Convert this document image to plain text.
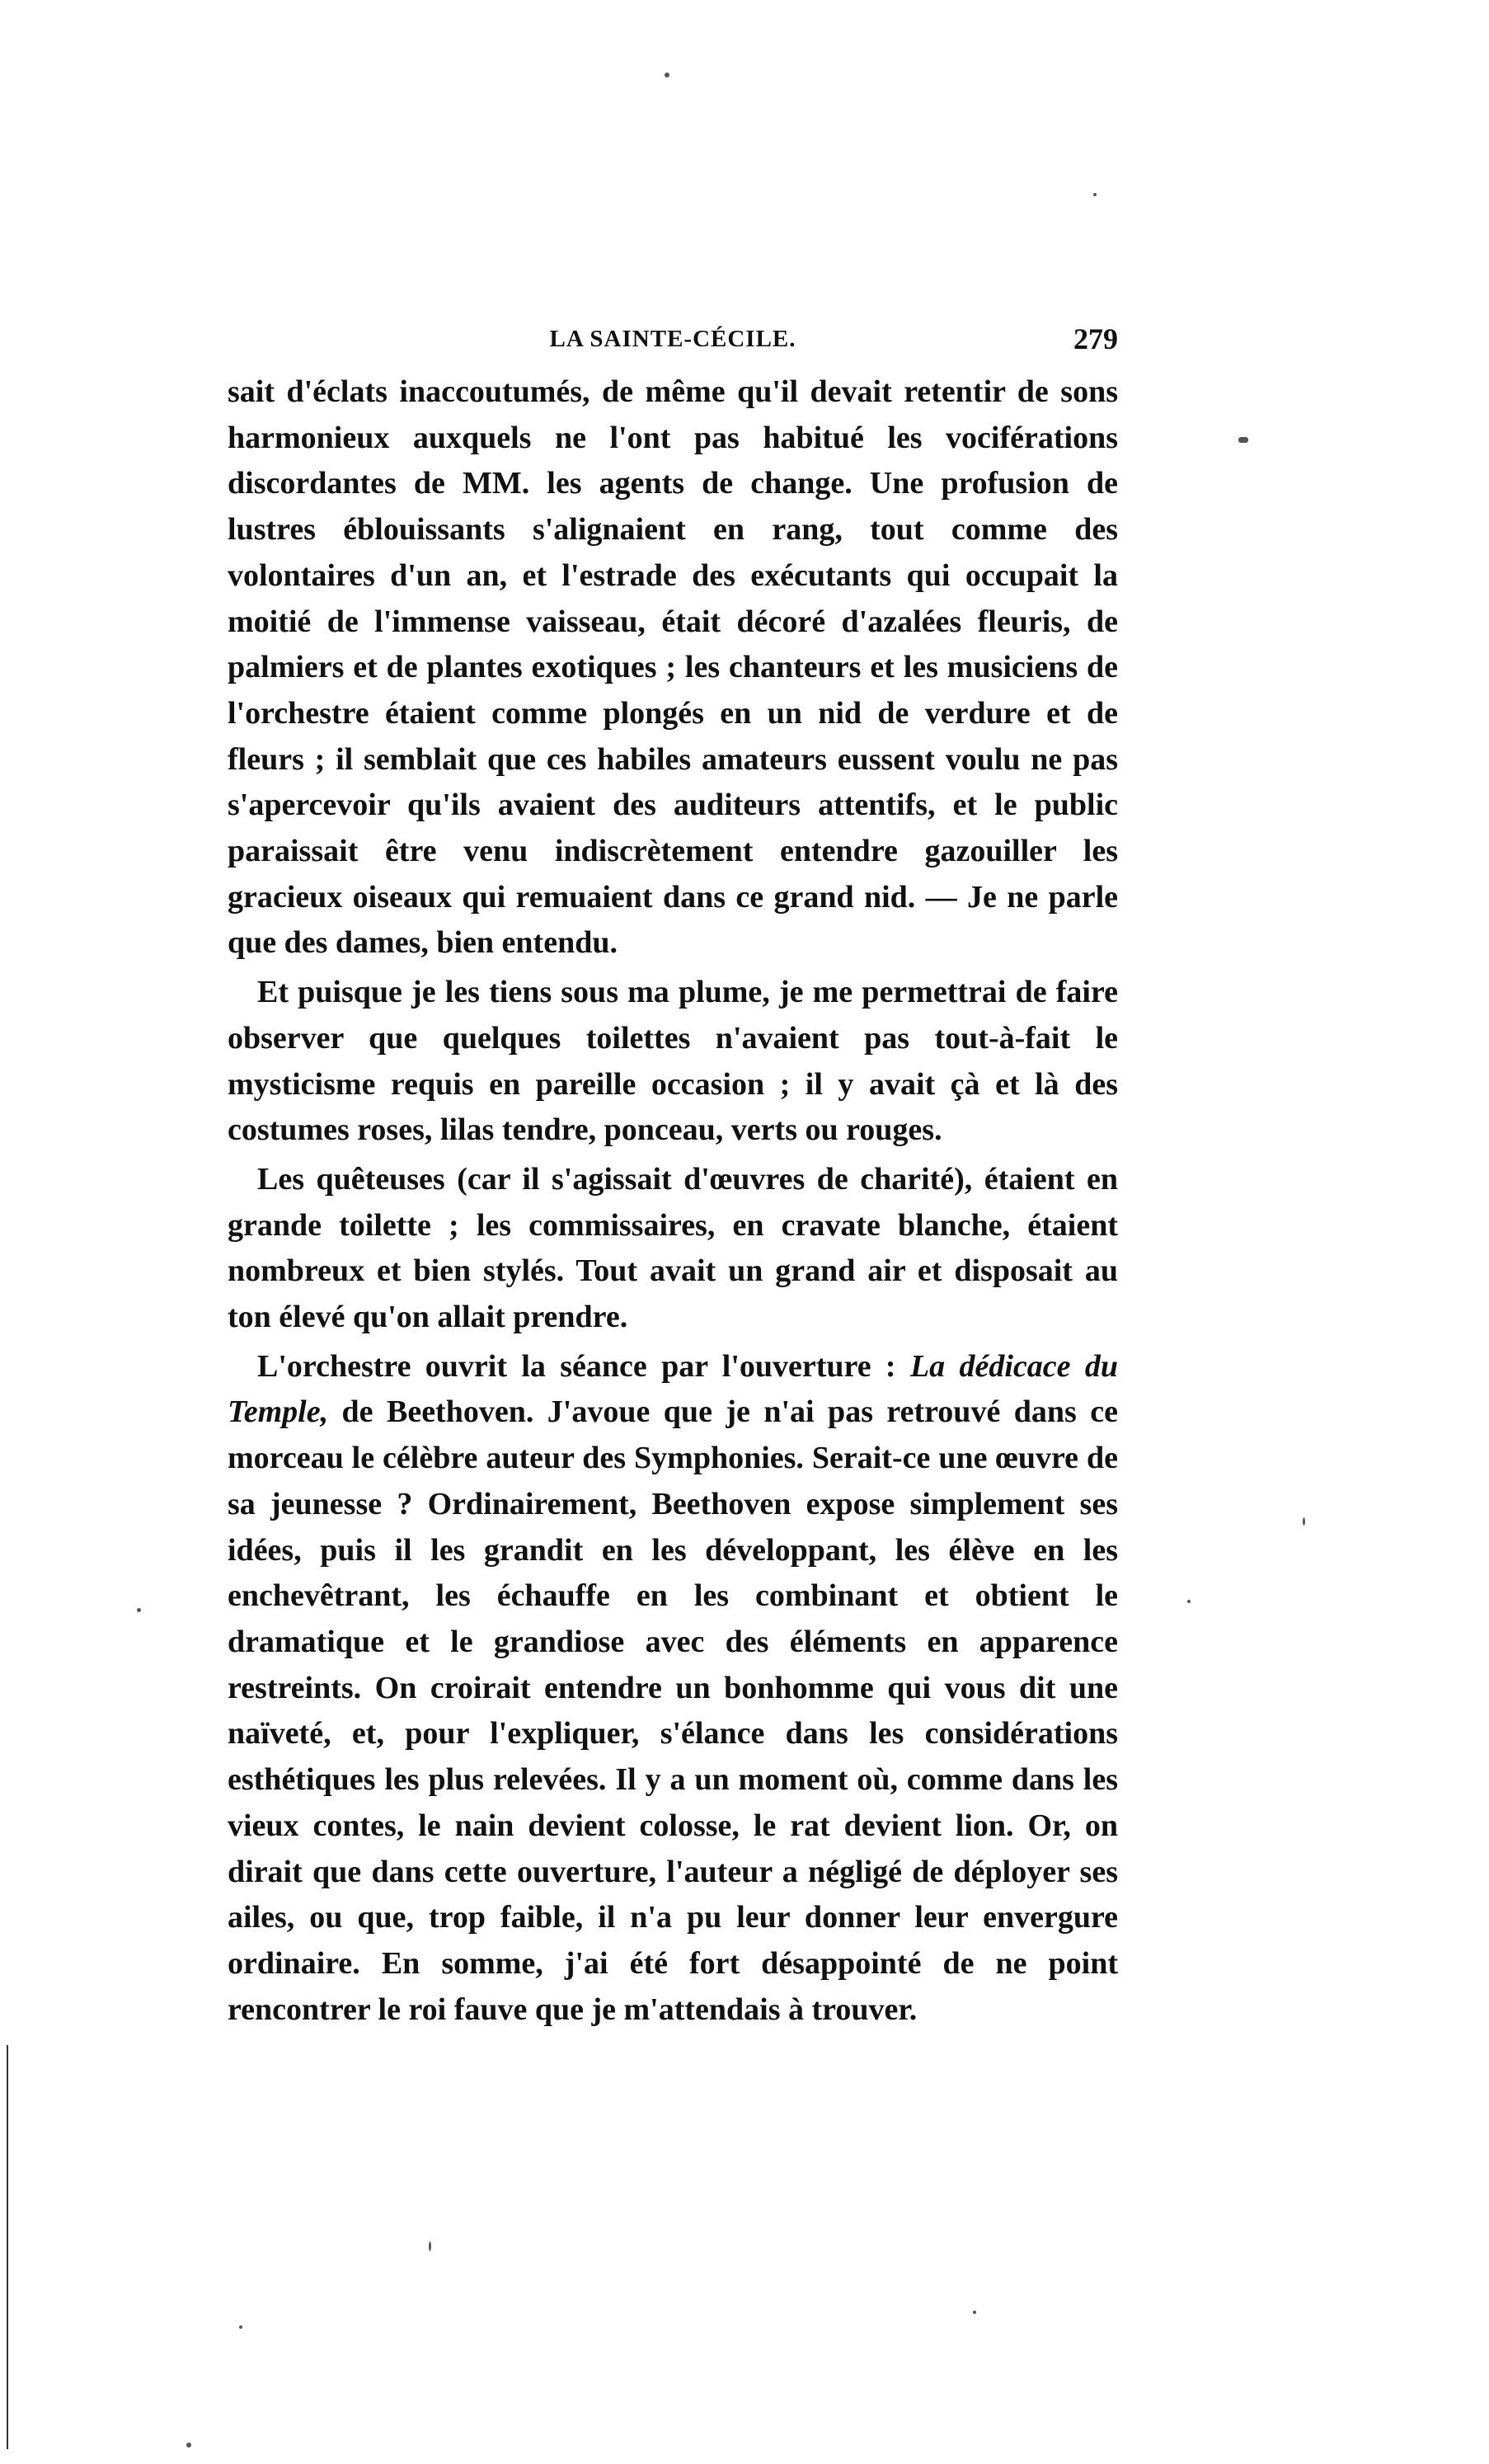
LA SAINTE-CÉCILE.	279

sait d'éclats inaccoutumés, de même qu'il devait retentir de sons harmonieux auxquels ne l'ont pas habitué les vociférations discordantes de MM. les agents de change. Une profusion de lustres éblouissants s'alignaient en rang, tout comme des volontaires d'un an, et l'estrade des exécutants qui occupait la moitié de l'immense vaisseau, était décoré d'azalées fleuris, de palmiers et de plantes exotiques ; les chanteurs et les musiciens de l'orchestre étaient comme plongés en un nid de verdure et de fleurs ; il semblait que ces habiles amateurs eussent voulu ne pas s'apercevoir qu'ils avaient des auditeurs attentifs, et le public paraissait être venu indiscrètement entendre gazouiller les gracieux oiseaux qui remuaient dans ce grand nid. — Je ne parle que des dames, bien entendu.

Et puisque je les tiens sous ma plume, je me permettrai de faire observer que quelques toilettes n'avaient pas tout-à-fait le mysticisme requis en pareille occasion ; il y avait çà et là des costumes roses, lilas tendre, ponceau, verts ou rouges.

Les quêteuses (car il s'agissait d'œuvres de charité), étaient en grande toilette ; les commissaires, en cravate blanche, étaient nombreux et bien stylés. Tout avait un grand air et disposait au ton élevé qu'on allait prendre.

L'orchestre ouvrit la séance par l'ouverture : La dédicace du Temple, de Beethoven. J'avoue que je n'ai pas retrouvé dans ce morceau le célèbre auteur des Symphonies. Serait-ce une œuvre de sa jeunesse ? Ordinairement, Beethoven expose simplement ses idées, puis il les grandit en les développant, les élève en les enchevêtrant, les échauffe en les combinant et obtient le dramatique et le grandiose avec des éléments en apparence restreints. On croirait entendre un bonhomme qui vous dit une naïveté, et, pour l'expliquer, s'élance dans les considérations esthétiques les plus relevées. Il y a un moment où, comme dans les vieux contes, le nain devient colosse, le rat devient lion. Or, on dirait que dans cette ouverture, l'auteur a négligé de déployer ses ailes, ou que, trop faible, il n'a pu leur donner leur envergure ordinaire. En somme, j'ai été fort désappointé de ne point rencontrer le roi fauve que je m'attendais à trouver.
